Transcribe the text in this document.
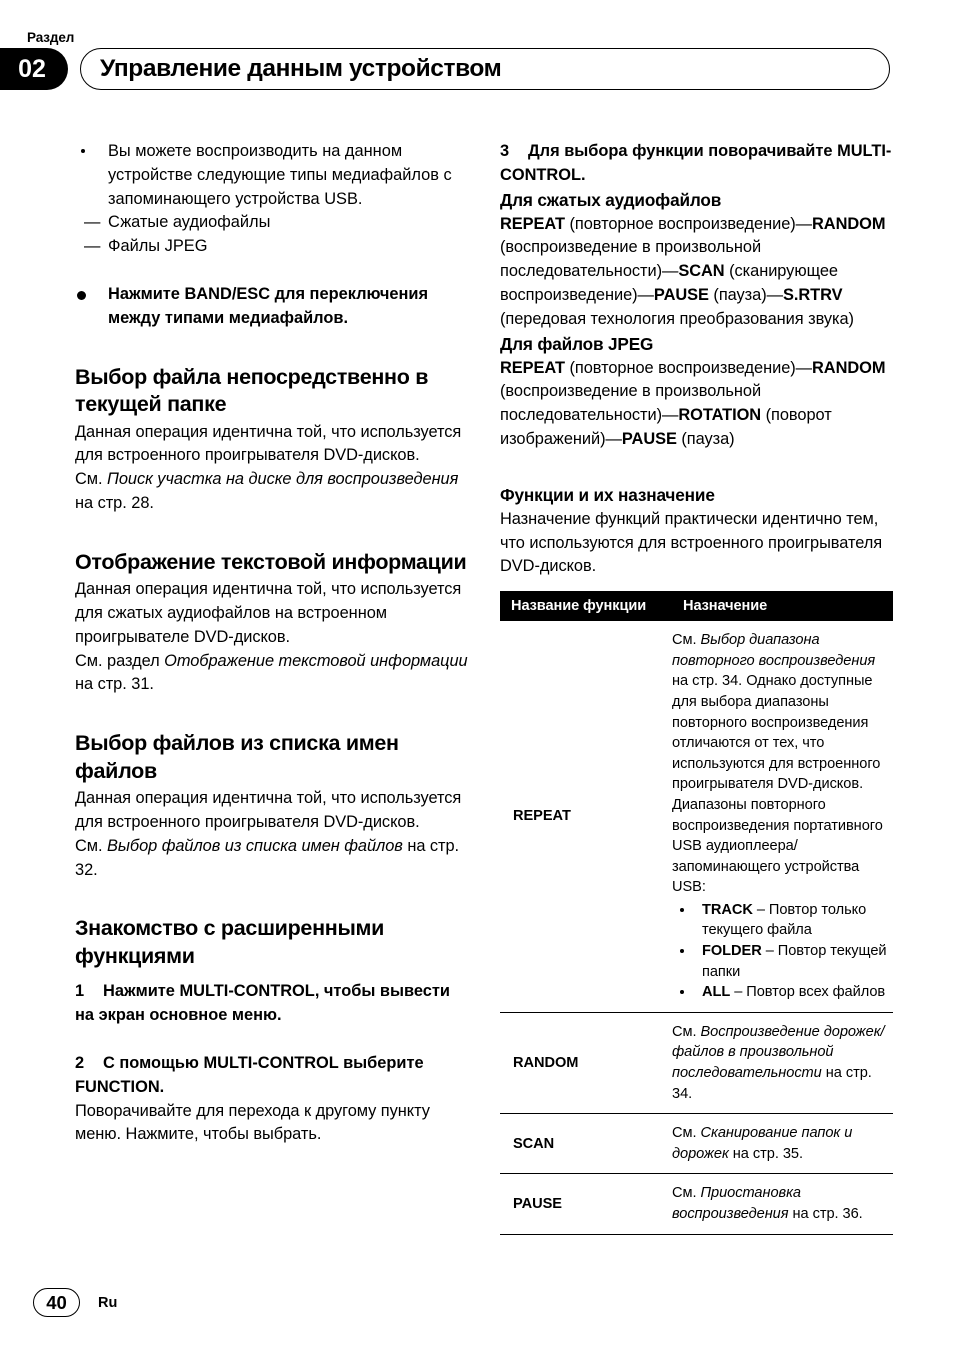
Раздел
02	Управление данным устройством
Вы можете воспроизводить на данном устройстве следующие типы медиафайлов с запоминающего устройства USB.
— Сжатые аудиофайлы
— Файлы JPEG
Нажмите BAND/ESC для переключения между типами медиафайлов.
Выбор файла непосредственно в текущей папке

Данная операция идентична той, что используется для встроенного проигрывателя DVD-дисков.

См. Поиск участка на диске для воспроизведения на стр. 28.

Отображение текстовой информации

Данная операция идентична той, что используется для сжатых аудиофайлов на встроенном проигрывателе DVD-дисков.

См. раздел Отображение текстовой информации на стр. 31.

Выбор файлов из списка имен файлов

Данная операция идентична той, что используется для встроенного проигрывателя DVD-дисков.

См. Выбор файлов из списка имен файлов на стр. 32.

Знакомство с расширенными функциями

1 Нажмите MULTI-CONTROL, чтобы вывести на экран основное меню.

2 С помощью MULTI-CONTROL выберите FUNCTION.

Поворачивайте для перехода к другому пункту меню. Нажмите, чтобы выбрать.

3 Для выбора функции поворачивайте MULTI-CONTROL.

Для сжатых аудиофайлов

REPEAT (повторное воспроизведение)—RANDOM (воспроизведение в произвольной последовательности)—SCAN (сканирующее воспроизведение)—PAUSE (пауза)—S.RTRV (передовая технология преобразования звука)

Для файлов JPEG

REPEAT (повторное воспроизведение)—RANDOM (воспроизведение в произвольной последовательности)—ROTATION (поворот изображений)—PAUSE (пауза)

Функции и их назначение

Назначение функций практически идентично тем, что используются для встроенного проигрывателя DVD-дисков.

Название функции	Назначение
REPEAT	См. Выбор диапазона повторного воспроизведения на стр. 34. Однако доступные для выбора диапазоны повторного воспроизведения отличаются от тех, что используются для встроенного проигрывателя DVD-дисков. Диапазоны повторного воспроизведения портативного USB аудиоплеера/запоминающего устройства USB:
TRACK – Повтор только текущего файла
FOLDER – Повтор текущей папки
ALL – Повтор всех файлов

RANDOM	См. Воспроизведение дорожек/файлов в произвольной последовательности на стр. 34.
SCAN	См. Сканирование папок и дорожек на стр. 35.
PAUSE	См. Приостановка воспроизведения на стр. 36.
40	Ru
